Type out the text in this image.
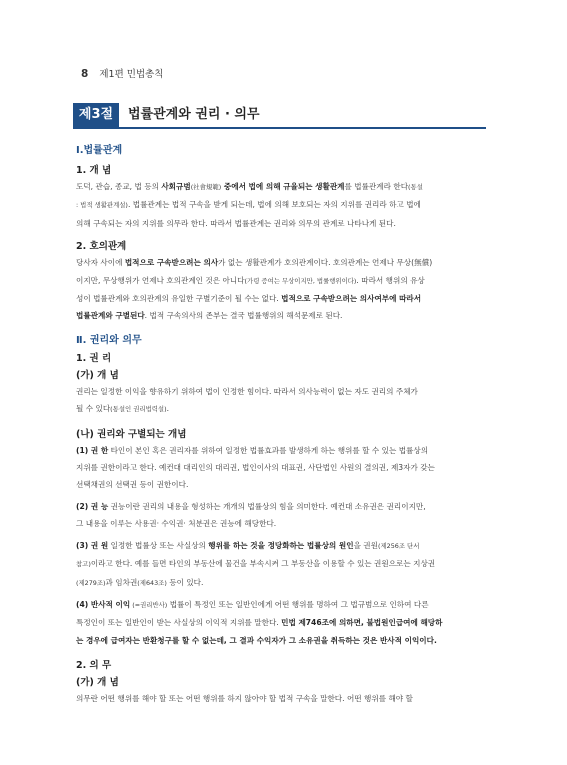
8 제1편 민법총칙
제3절	법률관계와 권리 · 의무

Ⅰ.법률관계

1. 개 념

도덕, 관습, 종교, 법 등의 사회규범(社會規範) 중에서 법에 의해 규율되는 생활관계를 법률관계라 한다(통설

: 법적 생활관계설). 법률관계는 법적 구속을 받게 되는데, 법에 의해 보호되는 자의 지위를 권리라 하고 법에

의해 구속되는 자의 지위를 의무라 한다. 따라서 법률관계는 권리와 의무의 관계로 나타나게 된다.

2. 호의관계

당사자 사이에 법적으로 구속받으려는 의사가 없는 생활관계가 호의관계이다. 호의관계는 언제나 무상(無償)

이지만, 무상행위가 언제나 호의관계인 것은 아니다(가령 증여는 무상이지만, 법률행위이다). 따라서 행위의 유상

성이 법률관계와 호의관계의 유일한 구별기준이 될 수는 없다. 법적으로 구속받으려는 의사여부에 따라서

법률관계와 구별된다. 법적 구속의사의 존부는 결국 법률행위의 해석문제로 된다.

Ⅱ. 권리와 의무

1. 권 리

(가) 개 념

권리는 일정한 이익을 향유하기 위하여 법이 인정한 힘이다. 따라서 의사능력이 없는 자도 권리의 주체가

될 수 있다(통설인 권리법력설).

(나) 권리와 구별되는 개념

(1) 권 한 타인이 본인 혹은 권리자를 위하여 일정한 법률효과를 발생하게 하는 행위를 할 수 있는 법률상의

지위를 권한이라고 한다. 예컨대 대리인의 대리권, 법인이사의 대표권, 사단법인 사원의 결의권, 제3자가 갖는

선택채권의 선택권 등이 권한이다.

(2) 권 능 권능이란 권리의 내용을 형성하는 개개의 법률상의 힘을 의미한다. 예컨대 소유권은 권리이지만,

그 내용을 이루는 사용권· 수익권· 처분권은 권능에 해당한다.

(3) 권 원 일정한 법률상 또는 사실상의 행위를 하는 것을 정당화하는 법률상의 원인을 권원(제256조 단서

참고)이라고 한다. 예를 들면 타인의 부동산에 물건을 부속시켜 그 부동산을 이용할 수 있는 권원으로는 지상권

(제279조)과 임차권(제643조) 등이 있다.

(4) 반사적 이익 (=권리반사) 법률이 특정인 또는 일반인에게 어떤 행위를 명하여 그 법규범으로 인하여 다른

특정인이 또는 일반인이 받는 사실상의 이익적 지위를 말한다. 민법 제746조에 의하면, 불법원인급여에 해당하

는 경우에 급여자는 반환청구를 할 수 없는데, 그 결과 수익자가 그 소유권을 취득하는 것은 반사적 이익이다.

2. 의 무

(가) 개 념

의무란 어떤 행위를 해야 할 또는 어떤 행위를 하지 않아야 할 법적 구속을 말한다. 어떤 행위를 해야 할
